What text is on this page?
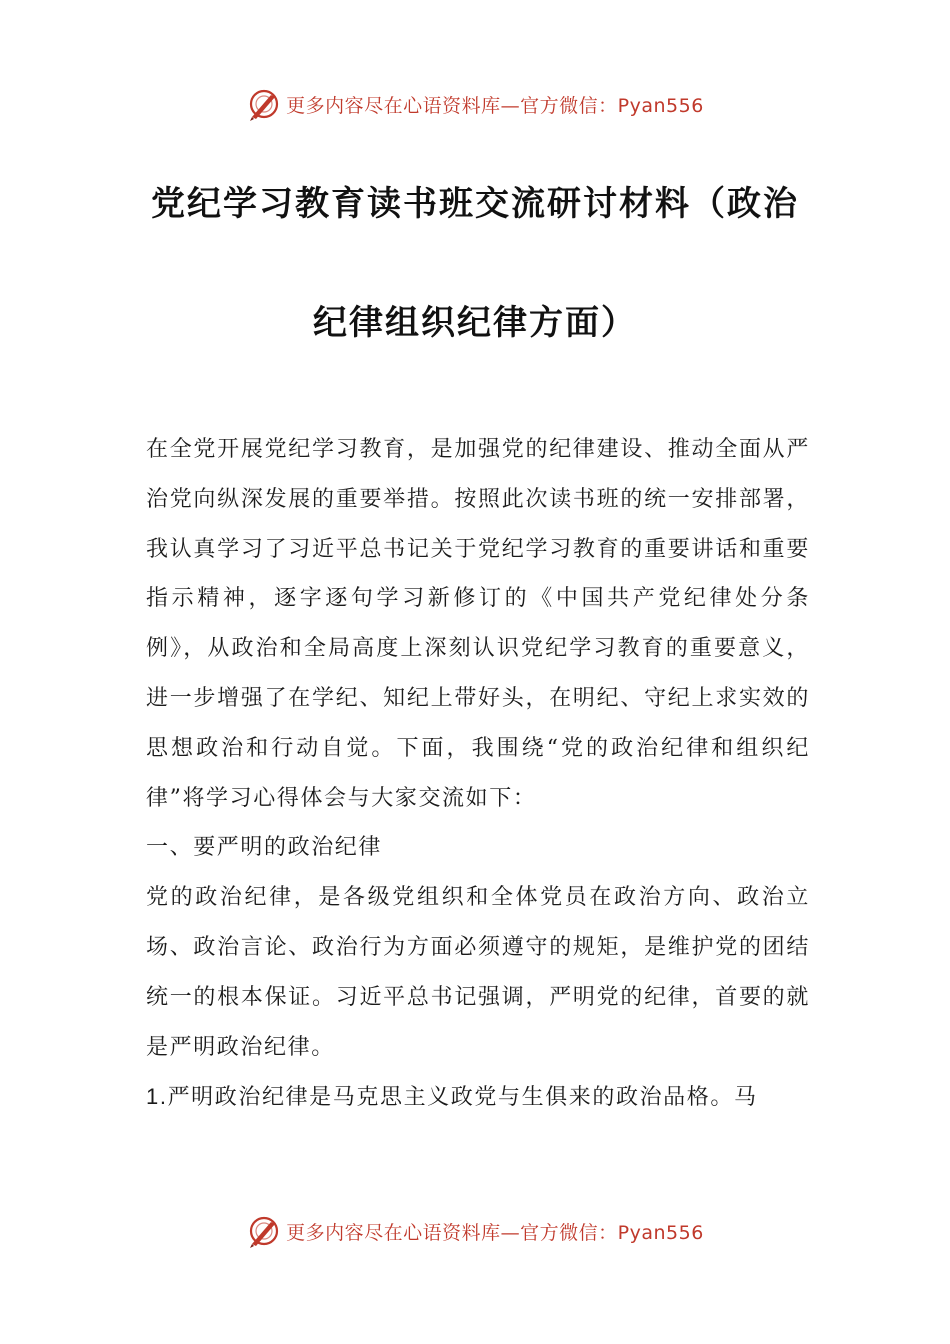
更多内容尽在心语资料库—官方微信：Pyan556
党纪学习教育读书班交流研讨材料（政治
纪律组织纪律方面）

在全党开展党纪学习教育，是加强党的纪律建设、推动全面从严治党向纵深发展的重要举措。按照此次读书班的统一安排部署，我认真学习了习近平总书记关于党纪学习教育的重要讲话和重要指示精神，逐字逐句学习新修订的《中国共产党纪律处分条例》，从政治和全局高度上深刻认识党纪学习教育的重要意义，进一步增强了在学纪、知纪上带好头，在明纪、守纪上求实效的思想政治和行动自觉。下面，我围绕“党的政治纪律和组织纪律”将学习心得体会与大家交流如下：

一、要严明的政治纪律

党的政治纪律，是各级党组织和全体党员在政治方向、政治立场、政治言论、政治行为方面必须遵守的规矩，是维护党的团结统一的根本保证。习近平总书记强调，严明党的纪律，首要的就是严明政治纪律。

1.严明政治纪律是马克思主义政党与生俱来的政治品格。马

更多内容尽在心语资料库—官方微信：Pyan556
